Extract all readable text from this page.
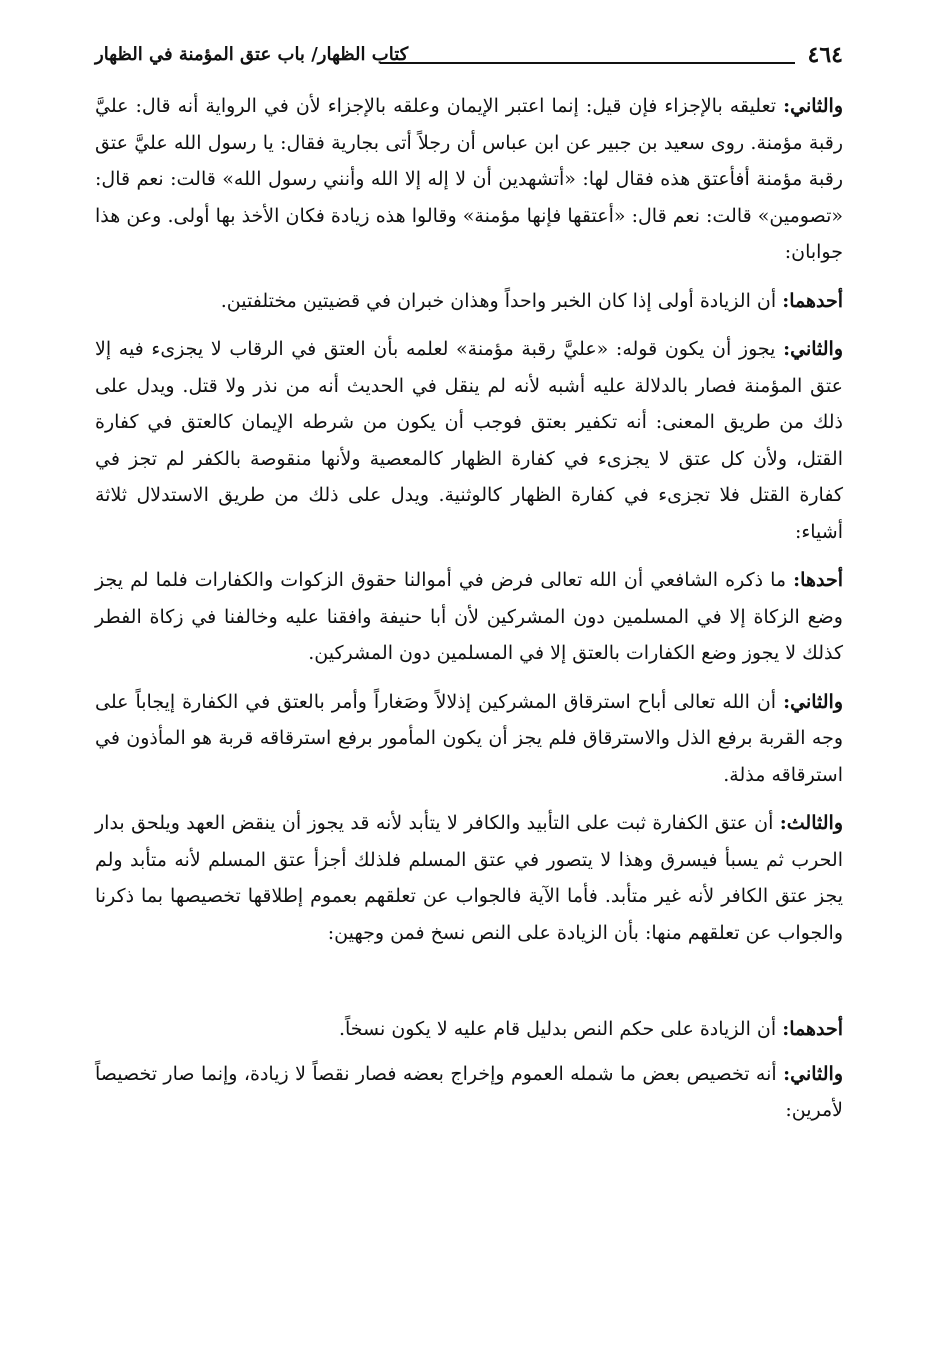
٤٦٤
كتاب الظهار/ باب عتق المؤمنة في الظهار

والثاني: تعليقه بالإجزاء فإن قيل: إنما اعتبر الإيمان وعلقه بالإجزاء لأن في الرواية أنه قال: عليَّ رقبة مؤمنة. روى سعيد بن جبير عن ابن عباس أن رجلاً أتى بجارية فقال: يا رسول الله عليَّ عتق رقبة مؤمنة أفأعتق هذه فقال لها: «أتشهدين أن لا إله إلا الله وأنني رسول الله» قالت: نعم قال: «تصومين» قالت: نعم قال: «أعتقها فإنها مؤمنة» وقالوا هذه زيادة فكان الأخذ بها أولى. وعن هذا جوابان:

أحدهما: أن الزيادة أولى إذا كان الخبر واحداً وهذان خبران في قضيتين مختلفتين.

والثاني: يجوز أن يكون قوله: «عليَّ رقبة مؤمنة» لعلمه بأن العتق في الرقاب لا يجزىء فيه إلا عتق المؤمنة فصار بالدلالة عليه أشبه لأنه لم ينقل في الحديث أنه من نذر ولا قتل. ويدل على ذلك من طريق المعنى: أنه تكفير بعتق فوجب أن يكون من شرطه الإيمان كالعتق في كفارة القتل، ولأن كل عتق لا يجزىء في كفارة الظهار كالمعصية ولأنها منقوصة بالكفر لم تجز في كفارة القتل فلا تجزىء في كفارة الظهار كالوثنية. ويدل على ذلك من طريق الاستدلال ثلاثة أشياء:

أحدها: ما ذكره الشافعي أن الله تعالى فرض في أموالنا حقوق الزكوات والكفارات فلما لم يجز وضع الزكاة إلا في المسلمين دون المشركين لأن أبا حنيفة وافقنا عليه وخالفنا في زكاة الفطر كذلك لا يجوز وضع الكفارات بالعتق إلا في المسلمين دون المشركين.

والثاني: أن الله تعالى أباح استرقاق المشركين إذلالاً وصَغاراً وأمر بالعتق في الكفارة إيجاباً على وجه القربة برفع الذل والاسترقاق فلم يجز أن يكون المأمور برفع استرقاقه قربة هو المأذون في استرقاقه مذلة.

والثالث: أن عتق الكفارة ثبت على التأبيد والكافر لا يتأبد لأنه قد يجوز أن ينقض العهد ويلحق بدار الحرب ثم يسبأ فيسرق وهذا لا يتصور في عتق المسلم فلذلك أجزأ عتق المسلم لأنه متأبد ولم يجز عتق الكافر لأنه غير متأبد. فأما الآية فالجواب عن تعلقهم بعموم إطلاقها تخصيصها بما ذكرنا والجواب عن تعلقهم منها: بأن الزيادة على النص نسخ فمن وجهين:

أحدهما: أن الزيادة على حكم النص بدليل قام عليه لا يكون نسخاً.

والثاني: أنه تخصيص بعض ما شمله العموم وإخراج بعضه فصار نقصاً لا زيادة، وإنما صار تخصيصاً لأمرين:
